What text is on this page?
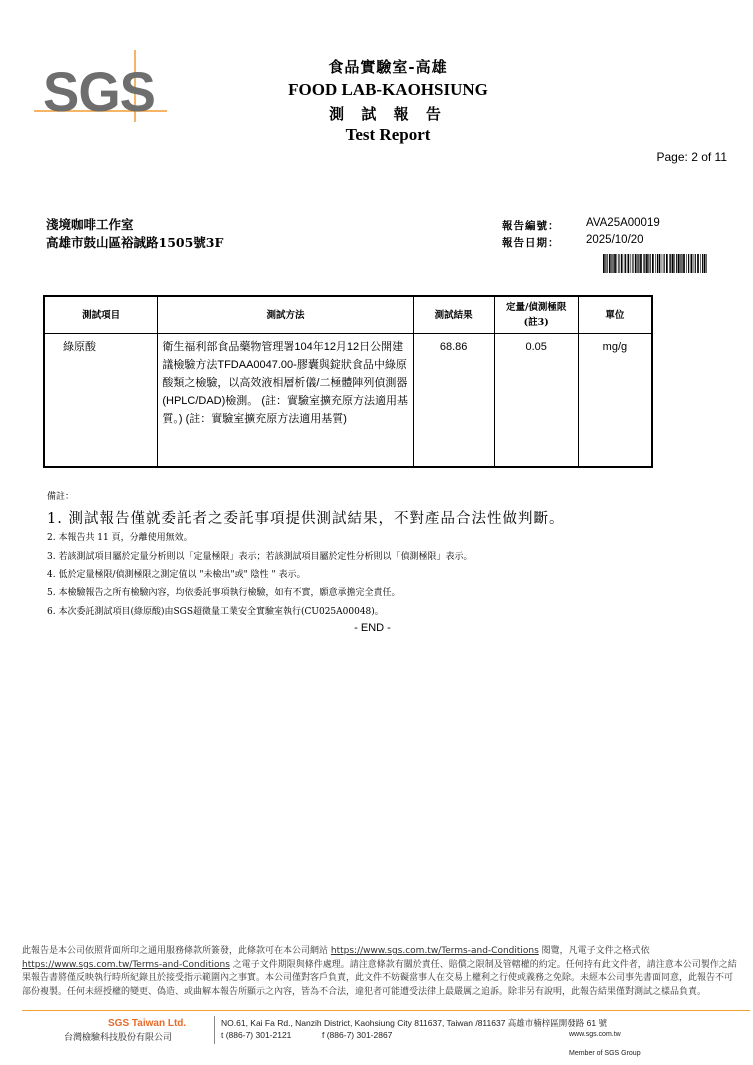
SGS	食品實驗室-高雄
FOOD LAB-KAOHSIUNG
測 試 報 告
Test Report
Page: 2 of 11
淺境咖啡工作室
高雄市鼓山區裕誠路1505號3F
報告編號： AVA25A00019
報告日期： 2025/10/20
測試項目	測試方法	測試結果	定量/偵測極限(註3)	單位
綠原酸	衛生福利部食品藥物管理署104年12月12日公開建議檢驗方法TFDAA0047.00-膠囊與錠狀食品中綠原酸類之檢驗，以高效液相層析儀/二極體陣列偵測器(HPLC/DAD)檢測。 (註：實驗室擴充原方法適用基質。) (註：實驗室擴充原方法適用基質)	68.86	0.05	mg/g
備註：
1. 測試報告僅就委託者之委託事項提供測試結果，不對產品合法性做判斷。
2. 本報告共 11 頁，分離使用無效。
3. 若該測試項目屬於定量分析則以「定量極限」表示；若該測試項目屬於定性分析則以「偵測極限」表示。
4. 低於定量極限/偵測極限之測定值以 "未檢出"或" 陰性 " 表示。
5. 本檢驗報告之所有檢驗內容，均依委託事項執行檢驗，如有不實，願意承擔完全責任。
6. 本次委託測試項目(綠原酸)由SGS超微量工業安全實驗室執行(CU025A00048)。
- END -
此報告是本公司依照背面所印之通用服務條款所簽發，此條款可在本公司網站 https://www.sgs.com.tw/Terms-and-Conditions 閱覽，凡電子文件之格式依 https://www.sgs.com.tw/Terms-and-Conditions 之電子文件期限與條件處理。請注意條款有關於責任、賠償之限制及管轄權的約定。任何持有此文件者，請注意本公司製作之結果報告書將僅反映執行時所紀錄且於接受指示範圍內之事實。本公司僅對客戶負責，此文件不妨礙當事人在交易上權利之行使或義務之免除。未經本公司事先書面同意，此報告不可部份複製。任何未經授權的變更、偽造、或曲解本報告所顯示之內容，皆為不合法，違犯者可能遭受法律上最嚴厲之追訴。除非另有說明，此報告結果僅對測試之樣品負責。
SGS Taiwan Ltd.
台灣檢驗科技股份有限公司
NO.61, Kai Fa Rd., Nanzih District, Kaohsiung City 811637, Taiwan /811637 高雄市楠梓區開發路 61 號
t (886-7) 301-2121	f (886-7) 301-2867	www.sgs.com.tw
Member of SGS Group
